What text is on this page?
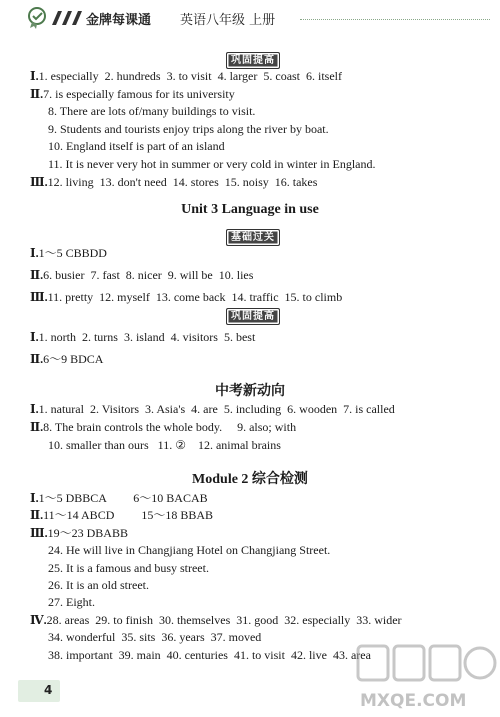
金牌每课通 英语八年级 上册
巩固提高
Ⅰ.1. especially  2. hundreds  3. to visit  4. larger  5. coast  6. itself
Ⅱ.7. is especially famous for its university
8. There are lots of/many buildings to visit.
9. Students and tourists enjoy trips along the river by boat.
10. England itself is part of an island
11. It is never very hot in summer or very cold in winter in England.
Ⅲ.12. living  13. don't need  14. stores  15. noisy  16. takes
Unit 3 Language in use
基础过关
Ⅰ.1～5 CBBDD
Ⅱ.6. busier  7. fast  8. nicer  9. will be  10. lies
Ⅲ.11. pretty  12. myself  13. come back  14. traffic  15. to climb
巩固提高
Ⅰ.1. north  2. turns  3. island  4. visitors  5. best
Ⅱ.6～9 BDCA
中考新动向
Ⅰ.1. natural  2. Visitors  3. Asia's  4. are  5. including  6. wooden  7. is called
Ⅱ.8. The brain controls the whole body.     9. also; with
10. smaller than ours   11. ②    12. animal brains
Module 2 综合检测
Ⅰ.1～5 DBBCA         6～10 BACAB
Ⅱ.11～14 ABCD         15～18 BBAB
Ⅲ.19～23 DBABB
24. He will live in Changjiang Hotel on Changjiang Street.
25. It is a famous and busy street.
26. It is an old street.
27. Eight.
Ⅳ.28. areas  29. to finish  30. themselves  31. good  32. especially  33. wider
34. wonderful  35. sits  36. years  37. moved
38. important  39. main  40. centuries  41. to visit  42. live  43. area
4
MXQE.COM
